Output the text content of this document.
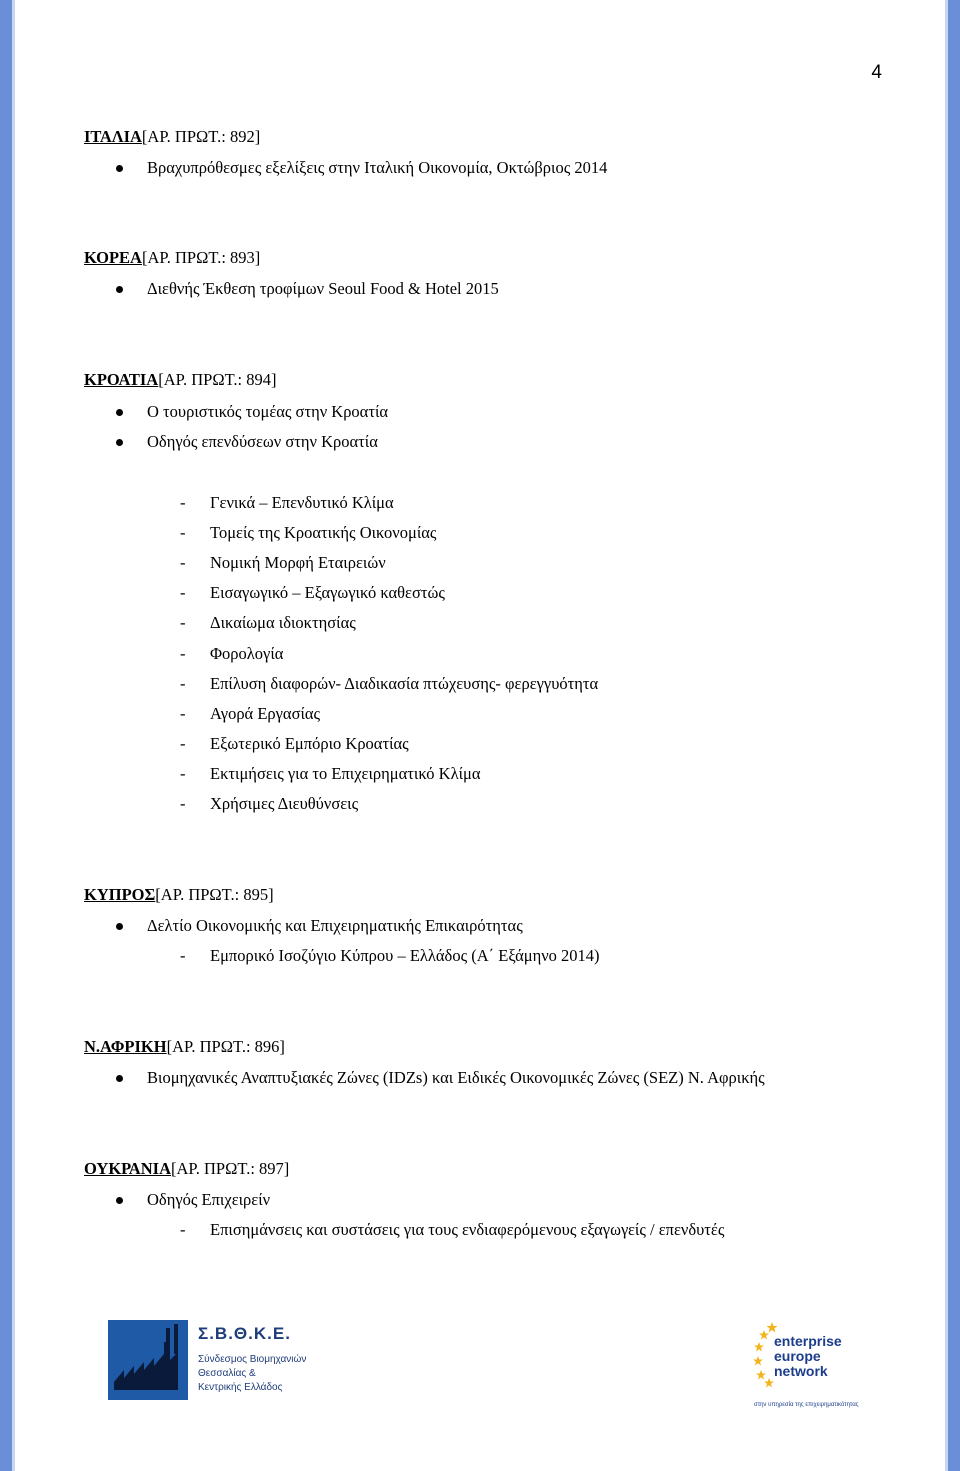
4
ΙΤΑΛΙΑ[ΑΡ. ΠΡΩΤ.: 892]
Βραχυπρόθεσμες εξελίξεις στην Ιταλική Οικονομία, Οκτώβριος 2014
ΚΟΡΕΑ[ΑΡ. ΠΡΩΤ.: 893]
Διεθνής Έκθεση τροφίμων Seoul Food & Hotel 2015
ΚΡΟΑΤΙΑ[ΑΡ. ΠΡΩΤ.: 894]
Ο τουριστικός τομέας στην Κροατία
Οδηγός επενδύσεων στην Κροατία
- Γενικά – Επενδυτικό Κλίμα
- Τομείς της Κροατικής Οικονομίας
- Νομική Μορφή Εταιρειών
- Εισαγωγικό – Εξαγωγικό καθεστώς
- Δικαίωμα ιδιοκτησίας
- Φορολογία
- Επίλυση διαφορών- Διαδικασία πτώχευσης- φερεγγυότητα
- Αγορά Εργασίας
- Εξωτερικό Εμπόριο Κροατίας
- Εκτιμήσεις για το Επιχειρηματικό Κλίμα
- Χρήσιμες Διευθύνσεις
ΚΥΠΡΟΣ[ΑΡ. ΠΡΩΤ.: 895]
Δελτίο Οικονομικής και Επιχειρηματικής Επικαιρότητας
- Εμπορικό Ισοζύγιο Κύπρου – Ελλάδος (Α΄ Εξάμηνο 2014)
Ν.ΑΦΡΙΚΗ[ΑΡ. ΠΡΩΤ.: 896]
Βιομηχανικές Αναπτυξιακές Ζώνες (IDZs) και Ειδικές Οικονομικές Ζώνες (SEZ) Ν. Αφρικής
ΟΥΚΡΑΝΙΑ[ΑΡ. ΠΡΩΤ.: 897]
Οδηγός Επιχειρείν
- Επισημάνσεις και συστάσεις για τους ενδιαφερόμενους εξαγωγείς / επενδυτές
Σ.Β.Θ.Κ.Ε.
Σύνδεσμος Βιομηχανιών
Θεσσαλίας &
Κεντρικής Ελλάδος
enterprise
europe
network
στην υπηρεσία της επιχειρηματικότητας
